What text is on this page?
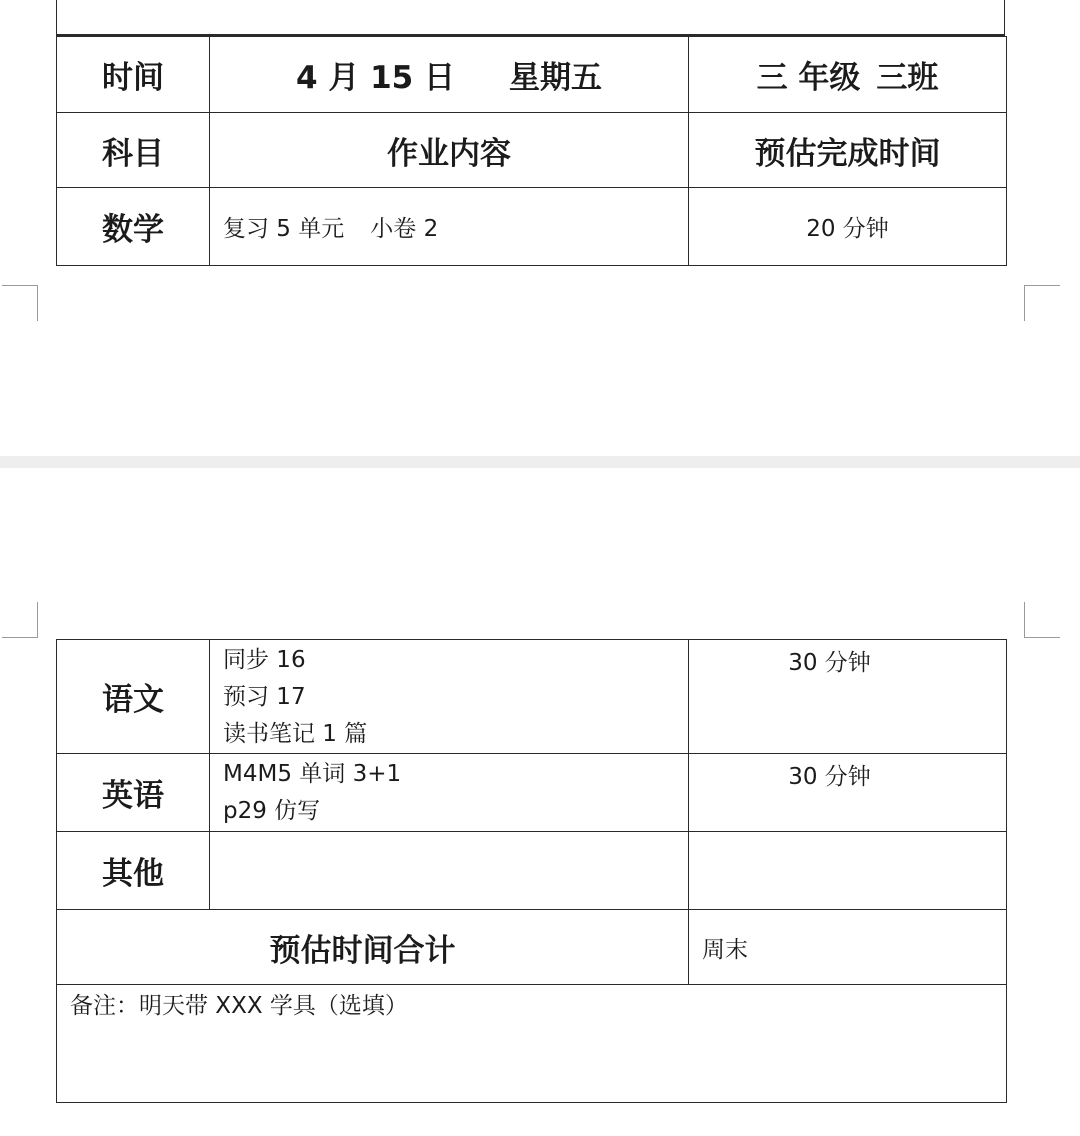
时间	4 月 15 日 星期五	三 年级 三班
科目	作业内容	预估完成时间
数学	复习 5 单元 小卷 2	20 分钟
语文	同步 16
预习 17
读书笔记 1 篇	30 分钟
英语	M4M5 单词 3+1
p29 仿写	30 分钟
其他		
预估时间合计		周末
备注：明天带 XXX 学具（选填）		
